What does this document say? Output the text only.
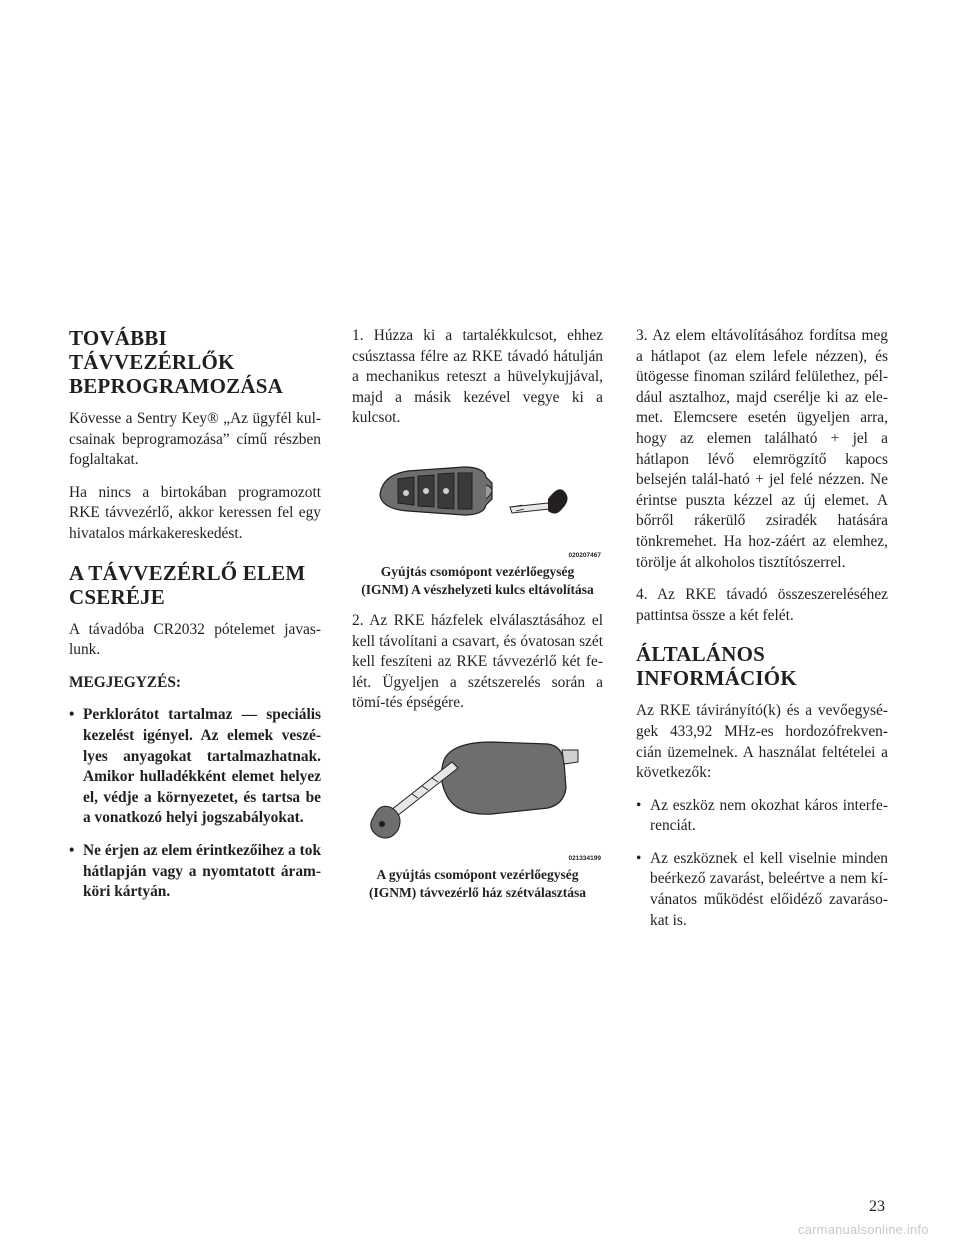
TOVÁBBI TÁVVEZÉRLŐK BEPROGRAMOZÁSA

Kövesse a Sentry Key® „Az ügyfél kul-csainak beprogramozása” című részben foglaltakat.

Ha nincs a birtokában programozott RKE távvezérlő, akkor keressen fel egy hivatalos márkakereskedést.

A TÁVVEZÉRLŐ ELEM CSERÉJE

A távadóba CR2032 pótelemet javas-lunk.

MEGJEGYZÉS:

• Perklorátot tartalmaz — speciális kezelést igényel. Az elemek veszé-lyes anyagokat tartalmazhatnak. Amikor hulladékként elemet helyez el, védje a környezetet, és tartsa be a vonatkozó helyi jogszabályokat.
• Ne érjen az elem érintkezőihez a tok hátlapján vagy a nyomtatott áram-köri kártyán.

1. Húzza ki a tartalékkulcsot, ehhez csúsztassa félre az RKE távadó hátulján a mechanikus reteszt a hüvelykujjával, majd a másik kezével vegye ki a kulcsot.

020207467
Gyújtás csomópont vezérlőegység
(IGNM) A vészhelyzeti kulcs eltávolítása

2. Az RKE házfelek elválasztásához el kell távolítani a csavart, és óvatosan szét kell feszíteni az RKE távvezérlő két fe-lét. Ügyeljen a szétszerelés során a tömí-tés épségére.

021334199
A gyújtás csomópont vezérlőegység
(IGNM) távvezérlő ház szétválasztása

3. Az elem eltávolításához fordítsa meg a hátlapot (az elem lefele nézzen), és ütögesse finoman szilárd felülethez, pél-dául asztalhoz, majd cserélje ki az ele-met. Elemcsere esetén ügyeljen arra, hogy az elemen található + jel a hátlapon lévő elemrögzítő kapocs belsején talál-ható + jel felé nézzen. Ne érintse puszta kézzel az új elemet. A bőrről rákerülő zsiradék hatására tönkremehet. Ha hoz-záért az elemhez, törölje át alkoholos tisztítószerrel.

4. Az RKE távadó összeszereléséhez pattintsa össze a két felét.

ÁLTALÁNOS INFORMÁCIÓK

Az RKE távirányító(k) és a vevőegysé-gek 433,92 MHz-es hordozófrekven-cián üzemelnek. A használat feltételei a következők:

• Az eszköz nem okozhat káros interfe-renciát.
• Az eszköznek el kell viselnie minden beérkező zavarást, beleértve a nem kí-vánatos működést előidéző zavaráso-kat is.
23
carmanualsonline.info
